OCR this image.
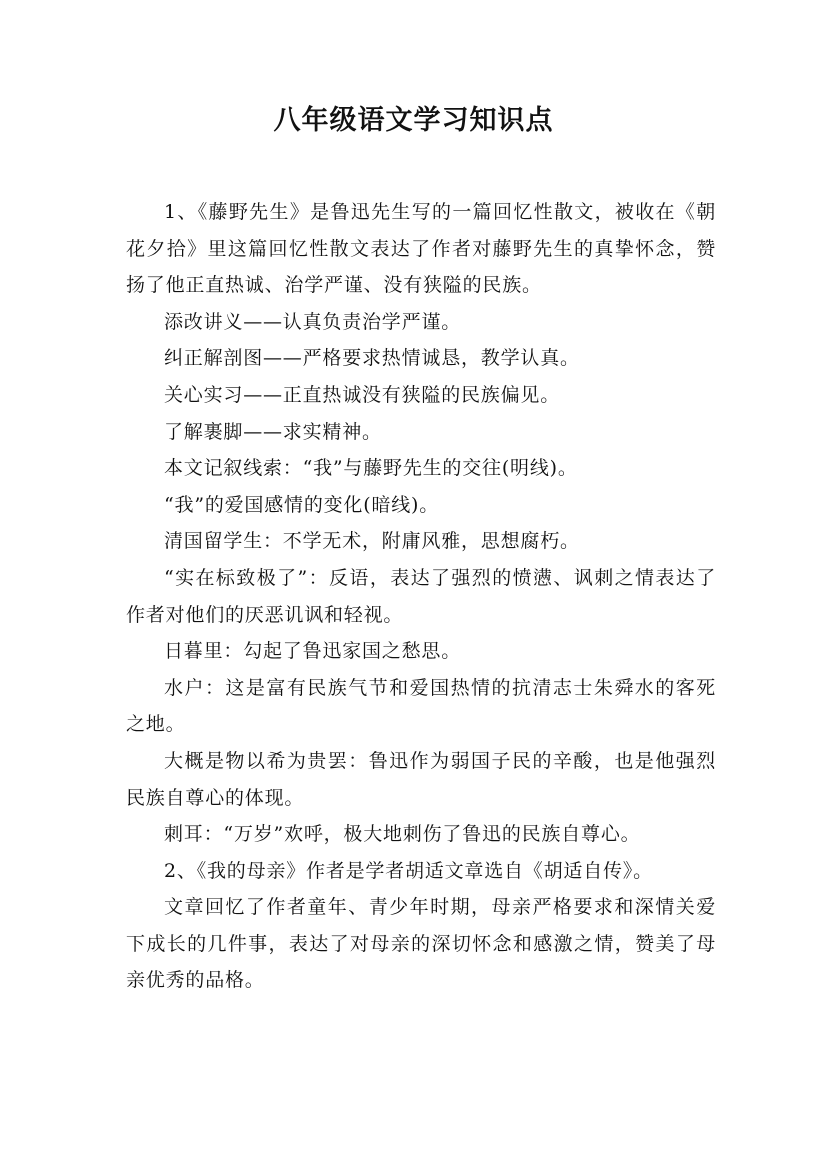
八年级语文学习知识点

1、《藤野先生》是鲁迅先生写的一篇回忆性散文，被收在《朝花夕拾》里这篇回忆性散文表达了作者对藤野先生的真挚怀念，赞扬了他正直热诚、治学严谨、没有狭隘的民族。

添改讲义——认真负责治学严谨。

纠正解剖图——严格要求热情诚恳，教学认真。

关心实习——正直热诚没有狭隘的民族偏见。

了解裹脚——求实精神。

本文记叙线索：“我”与藤野先生的交往(明线)。

“我”的爱国感情的变化(暗线)。

清国留学生：不学无术，附庸风雅，思想腐朽。

“实在标致极了”：反语，表达了强烈的愤懑、讽刺之情表达了作者对他们的厌恶讥讽和轻视。

日暮里：勾起了鲁迅家国之愁思。

水户：这是富有民族气节和爱国热情的抗清志士朱舜水的客死之地。

大概是物以希为贵罢：鲁迅作为弱国子民的辛酸，也是他强烈民族自尊心的体现。

刺耳：“万岁”欢呼，极大地刺伤了鲁迅的民族自尊心。

2、《我的母亲》作者是学者胡适文章选自《胡适自传》。

文章回忆了作者童年、青少年时期，母亲严格要求和深情关爱下成长的几件事，表达了对母亲的深切怀念和感激之情，赞美了母亲优秀的品格。
